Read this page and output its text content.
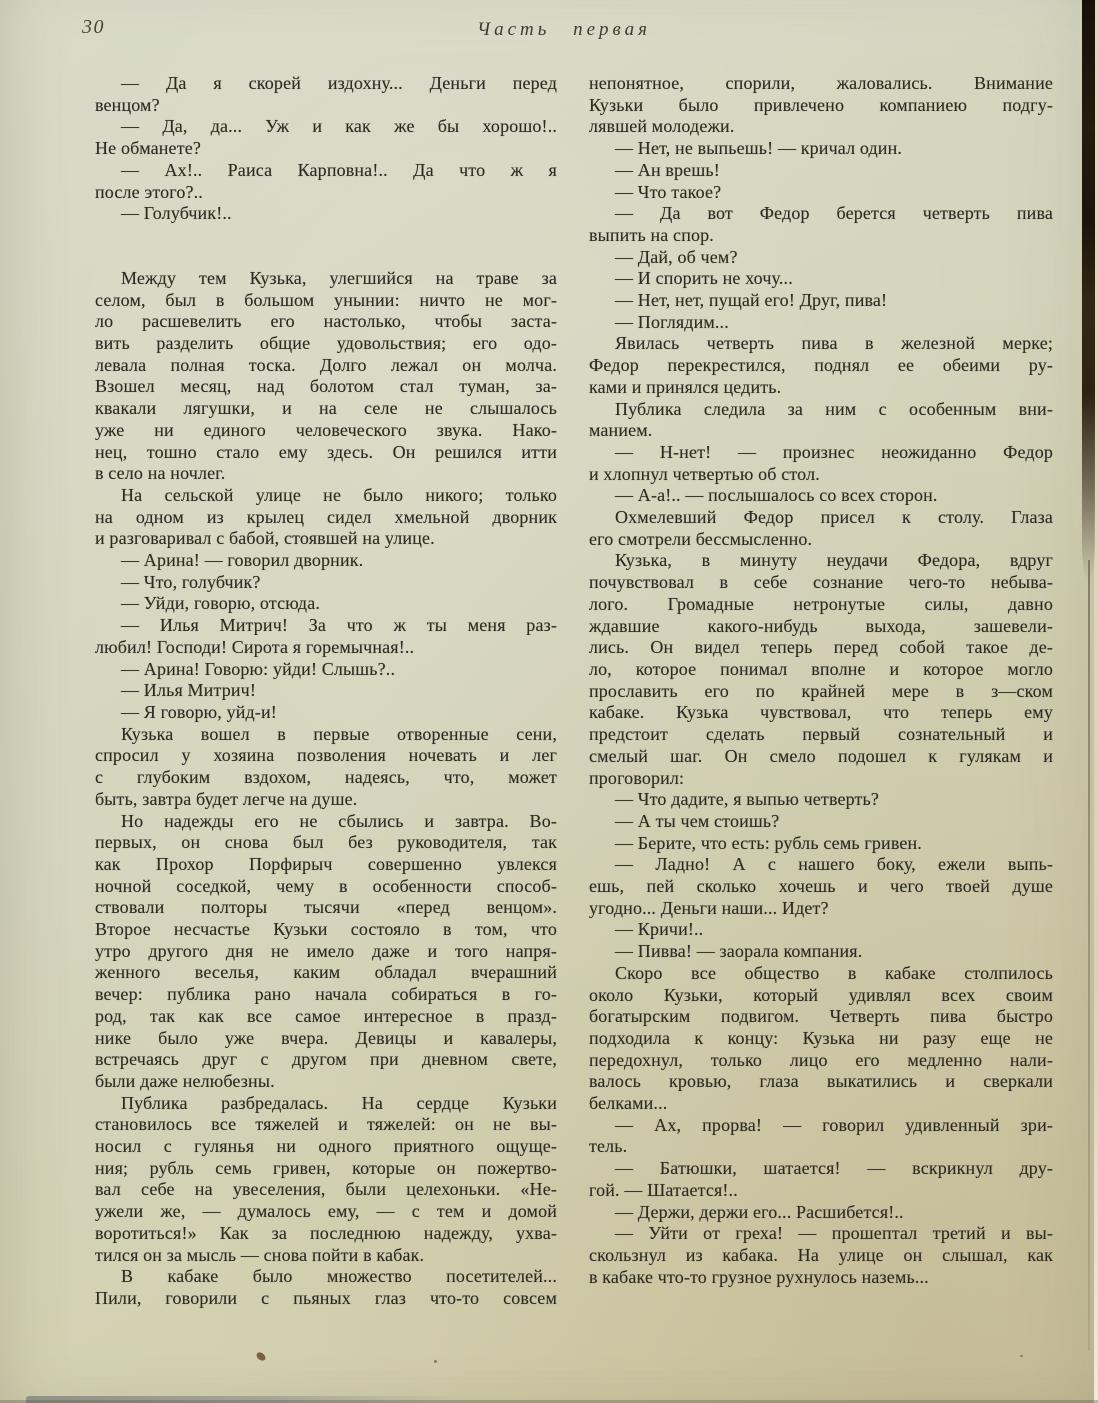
30	Часть первая
— Да я скорей издохну... Деньги перед
венцом?
— Да, да... Уж и как же бы хорошо!..
Не обманете?
— Ах!.. Раиса Карповна!.. Да что ж я
после этого?..
— Голубчик!..
Между тем Кузька, улегшийся на траве за
селом, был в большом унынии: ничто не мог-
ло расшевелить его настолько, чтобы заста-
вить разделить общие удовольствия; его одо-
левала полная тоска. Долго лежал он молча.
Взошел месяц, над болотом стал туман, за-
квакали лягушки, и на селе не слышалось
уже ни единого человеческого звука. Нако-
нец, тошно стало ему здесь. Он решился итти
в село на ночлег.
На сельской улице не было никого; только
на одном из крылец сидел хмельной дворник
и разговаривал с бабой, стоявшей на улице.
— Арина! — говорил дворник.
— Что, голубчик?
— Уйди, говорю, отсюда.
— Илья Митрич! За что ж ты меня раз-
любил! Господи! Сирота я горемычная!..
— Арина! Говорю: уйди! Слышь?..
— Илья Митрич!
— Я говорю, уйд-и!
Кузька вошел в первые отворенные сени,
спросил у хозяина позволения ночевать и лег
с глубоким вздохом, надеясь, что, может
быть, завтра будет легче на душе.
Но надежды его не сбылись и завтра. Во-
первых, он снова был без руководителя, так
как Прохор Порфирыч совершенно увлекся
ночной соседкой, чему в особенности способ-
ствовали полторы тысячи «перед венцом».
Второе несчастье Кузьки состояло в том, что
утро другого дня не имело даже и того напря-
женного веселья, каким обладал вчерашний
вечер: публика рано начала собираться в го-
род, так как все самое интересное в празд-
нике было уже вчера. Девицы и кавалеры,
встречаясь друг с другом при дневном свете,
были даже нелюбезны.
Публика разбредалась. На сердце Кузьки
становилось все тяжелей и тяжелей: он не вы-
носил с гулянья ни одного приятного ощуще-
ния; рубль семь гривен, которые он пожертво-
вал себе на увеселения, были целехоньки. «Не-
ужели же, — думалось ему, — с тем и домой
воротиться!» Как за последнюю надежду, ухва-
тился он за мысль — снова пойти в кабак.
В кабаке было множество посетителей...
Пили, говорили с пьяных глаз что-то совсем
непонятное, спорили, жаловались. Внимание
Кузьки было привлечено компаниею подгу-
лявшей молодежи.
— Нет, не выпьешь! — кричал один.
— Ан врешь!
— Что такое?
— Да вот Федор берется четверть пива
выпить на спор.
— Дай, об чем?
— И спорить не хочу...
— Нет, нет, пущай его! Друг, пива!
— Поглядим...
Явилась четверть пива в железной мерке;
Федор перекрестился, поднял ее обеими ру-
ками и принялся цедить.
Публика следила за ним с особенным вни-
манием.
— Н-нет! — произнес неожиданно Федор
и хлопнул четвертью об стол.
— А-а!.. — послышалось со всех сторон.
Охмелевший Федор присел к столу. Глаза
его смотрели бессмысленно.
Кузька, в минуту неудачи Федора, вдруг
почувствовал в себе сознание чего-то небыва-
лого. Громадные нетронутые силы, давно
ждавшие какого-нибудь выхода, зашевели-
лись. Он видел теперь перед собой такое де-
ло, которое понимал вполне и которое могло
прославить его по крайней мере в з—ском
кабаке. Кузька чувствовал, что теперь ему
предстоит сделать первый сознательный и
смелый шаг. Он смело подошел к гулякам и
проговорил:
— Что дадите, я выпью четверть?
— А ты чем стоишь?
— Берите, что есть: рубль семь гривен.
— Ладно! А с нашего боку, ежели выпь-
ешь, пей сколько хочешь и чего твоей душе
угодно... Деньги наши... Идет?
— Кричи!..
— Пивва! — заорала компания.
Скоро все общество в кабаке столпилось
около Кузьки, который удивлял всех своим
богатырским подвигом. Четверть пива быстро
подходила к концу: Кузька ни разу еще не
передохнул, только лицо его медленно нали-
валось кровью, глаза выкатились и сверкали
белками...
— Ах, прорва! — говорил удивленный зри-
тель.
— Батюшки, шатается! — вскрикнул дру-
гой. — Шатается!..
— Держи, держи его... Расшибется!..
— Уйти от греха! — прошептал третий и вы-
скользнул из кабака. На улице он слышал, как
в кабаке что-то грузное рухнулось наземь...
